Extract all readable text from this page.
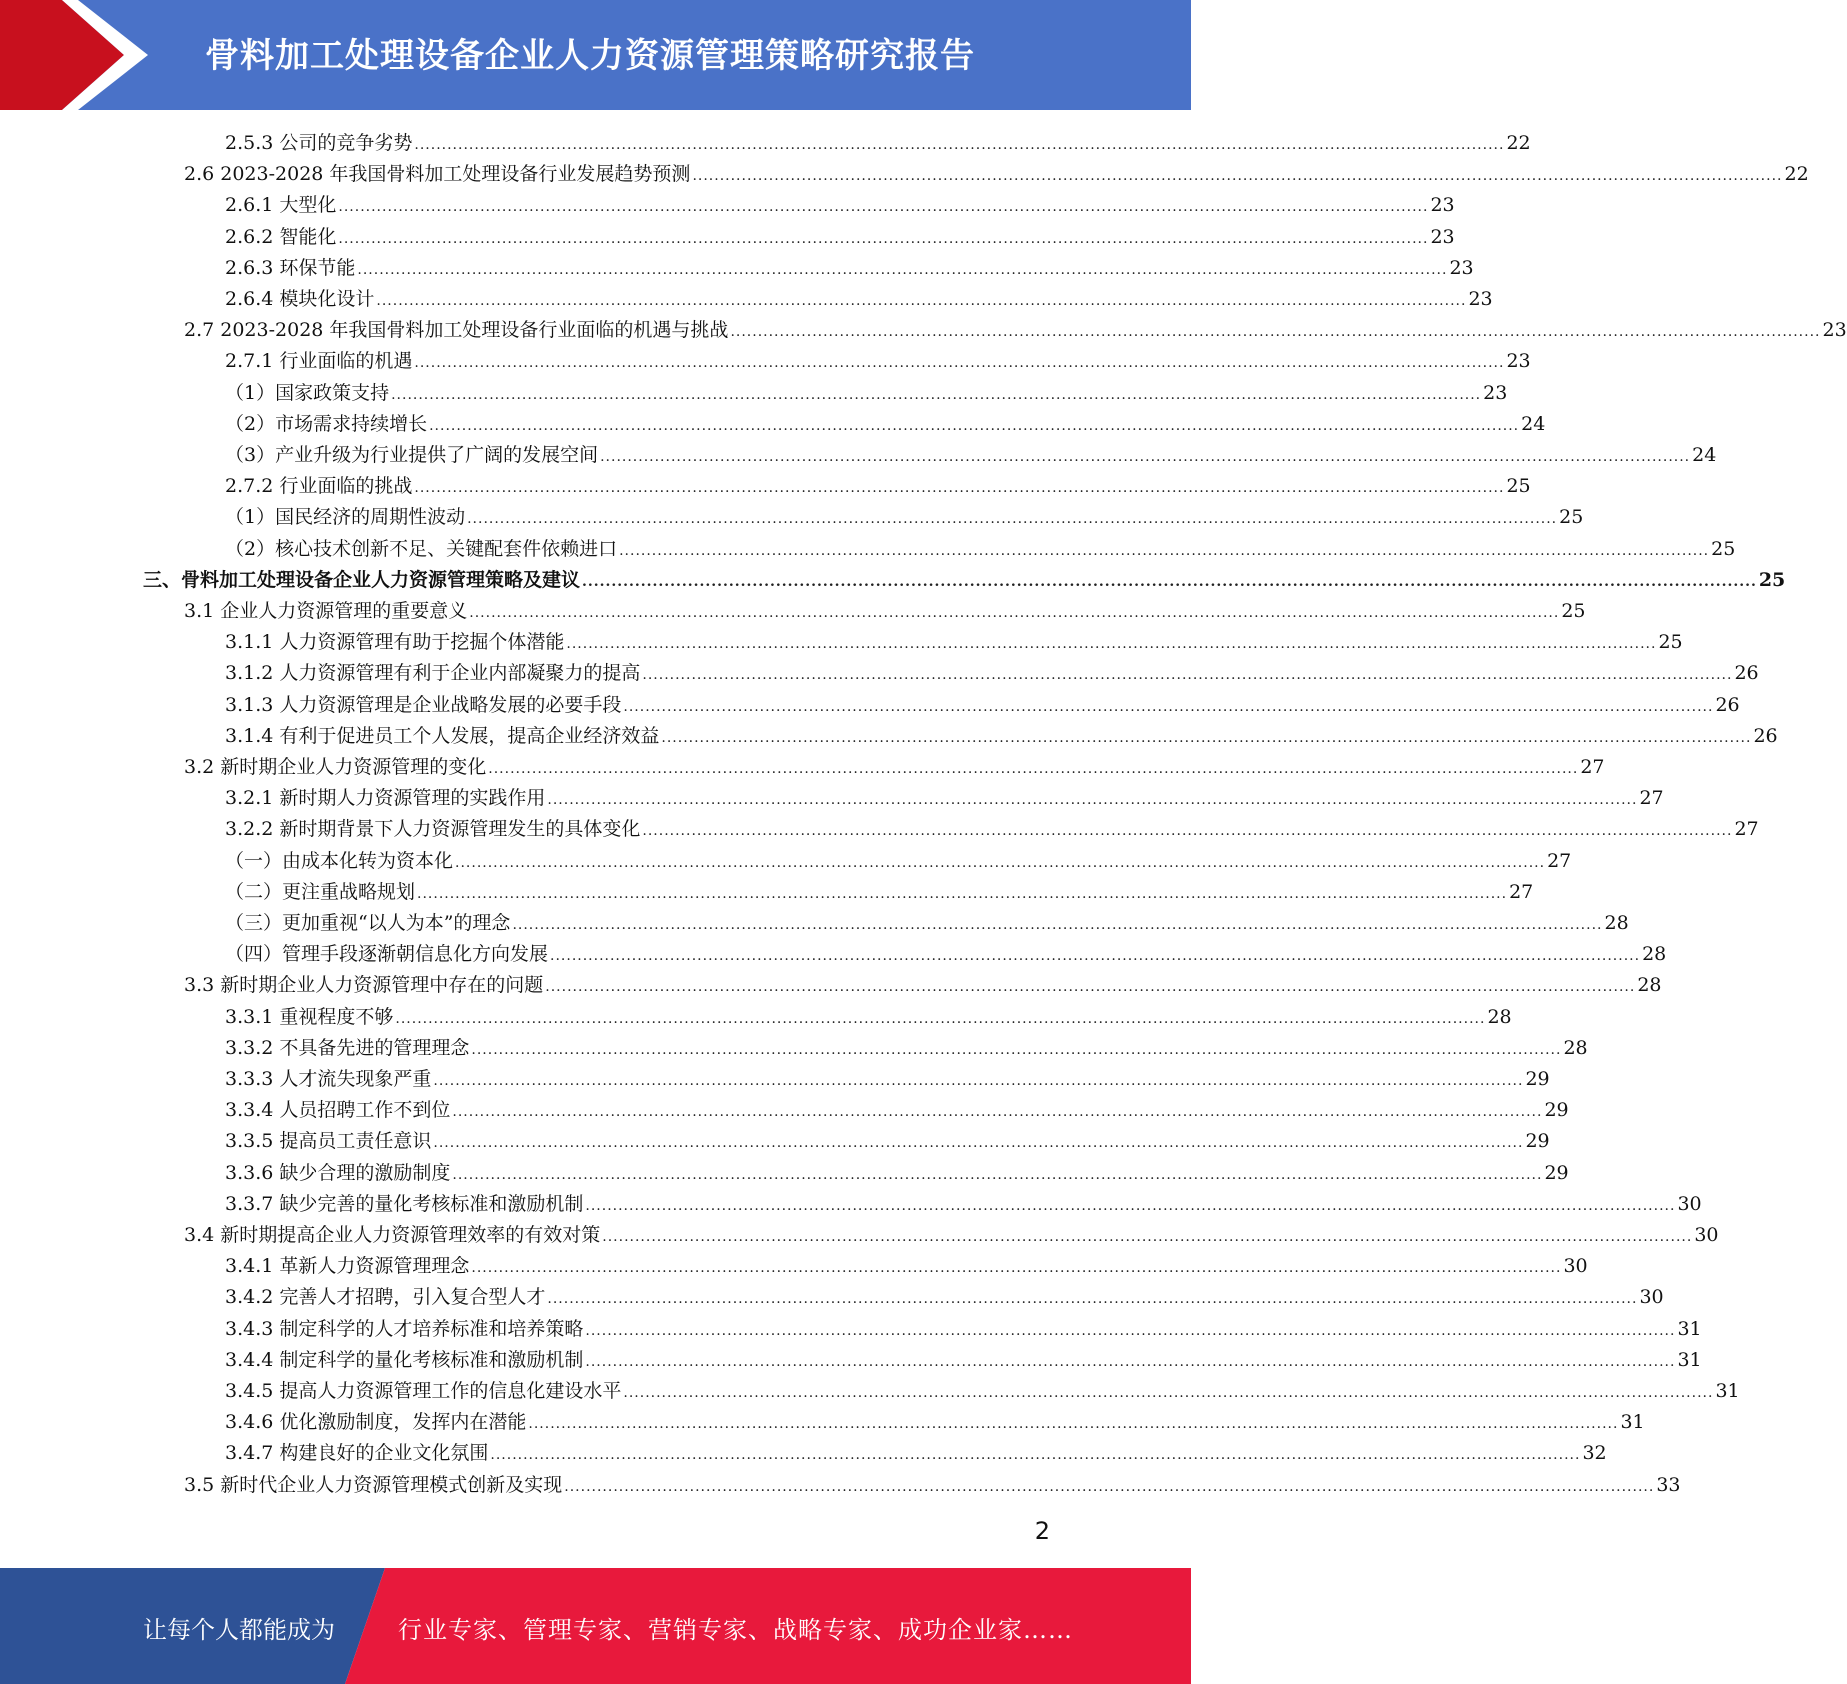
骨料加工处理设备企业人力资源管理策略研究报告
2.5.3 公司的竞争劣势 ........................................................................................................................................................................................................ 22
2.6 2023-2028 年我国骨料加工处理设备行业发展趋势预测 ........................................................................................................................................................................................................ 22
2.6.1 大型化 ........................................................................................................................................................................................................ 23
2.6.2 智能化 ........................................................................................................................................................................................................ 23
2.6.3 环保节能 ........................................................................................................................................................................................................ 23
2.6.4 模块化设计 ........................................................................................................................................................................................................ 23
2.7 2023-2028 年我国骨料加工处理设备行业面临的机遇与挑战 ........................................................................................................................................................................................................ 23
2.7.1 行业面临的机遇 ........................................................................................................................................................................................................ 23
（1）国家政策支持 ........................................................................................................................................................................................................ 23
（2）市场需求持续增长 ........................................................................................................................................................................................................ 24
（3）产业升级为行业提供了广阔的发展空间 ........................................................................................................................................................................................................ 24
2.7.2 行业面临的挑战 ........................................................................................................................................................................................................ 25
（1）国民经济的周期性波动 ........................................................................................................................................................................................................ 25
（2）核心技术创新不足、关键配套件依赖进口 ........................................................................................................................................................................................................ 25
三、骨料加工处理设备企业人力资源管理策略及建议 ........................................................................................................................................................................................................ 25
3.1 企业人力资源管理的重要意义 ........................................................................................................................................................................................................ 25
3.1.1 人力资源管理有助于挖掘个体潜能 ........................................................................................................................................................................................................ 25
3.1.2 人力资源管理有利于企业内部凝聚力的提高 ........................................................................................................................................................................................................ 26
3.1.3 人力资源管理是企业战略发展的必要手段 ........................................................................................................................................................................................................ 26
3.1.4 有利于促进员工个人发展，提高企业经济效益 ........................................................................................................................................................................................................ 26
3.2 新时期企业人力资源管理的变化 ........................................................................................................................................................................................................ 27
3.2.1 新时期人力资源管理的实践作用 ........................................................................................................................................................................................................ 27
3.2.2 新时期背景下人力资源管理发生的具体变化 ........................................................................................................................................................................................................ 27
（一）由成本化转为资本化 ........................................................................................................................................................................................................ 27
（二）更注重战略规划 ........................................................................................................................................................................................................ 27
（三）更加重视“以人为本”的理念 ........................................................................................................................................................................................................ 28
（四）管理手段逐渐朝信息化方向发展 ........................................................................................................................................................................................................ 28
3.3 新时期企业人力资源管理中存在的问题 ........................................................................................................................................................................................................ 28
3.3.1 重视程度不够 ........................................................................................................................................................................................................ 28
3.3.2 不具备先进的管理理念 ........................................................................................................................................................................................................ 28
3.3.3 人才流失现象严重 ........................................................................................................................................................................................................ 29
3.3.4 人员招聘工作不到位 ........................................................................................................................................................................................................ 29
3.3.5 提高员工责任意识 ........................................................................................................................................................................................................ 29
3.3.6 缺少合理的激励制度 ........................................................................................................................................................................................................ 29
3.3.7 缺少完善的量化考核标准和激励机制 ........................................................................................................................................................................................................ 30
3.4 新时期提高企业人力资源管理效率的有效对策 ........................................................................................................................................................................................................ 30
3.4.1 革新人力资源管理理念 ........................................................................................................................................................................................................ 30
3.4.2 完善人才招聘，引入复合型人才 ........................................................................................................................................................................................................ 30
3.4.3 制定科学的人才培养标准和培养策略 ........................................................................................................................................................................................................ 31
3.4.4 制定科学的量化考核标准和激励机制 ........................................................................................................................................................................................................ 31
3.4.5 提高人力资源管理工作的信息化建设水平 ........................................................................................................................................................................................................ 31
3.4.6 优化激励制度，发挥内在潜能 ........................................................................................................................................................................................................ 31
3.4.7 构建良好的企业文化氛围 ........................................................................................................................................................................................................ 32
3.5 新时代企业人力资源管理模式创新及实现 ........................................................................................................................................................................................................ 33
2
让每个人都能成为	行业专家、管理专家、营销专家、战略专家、成功企业家……
